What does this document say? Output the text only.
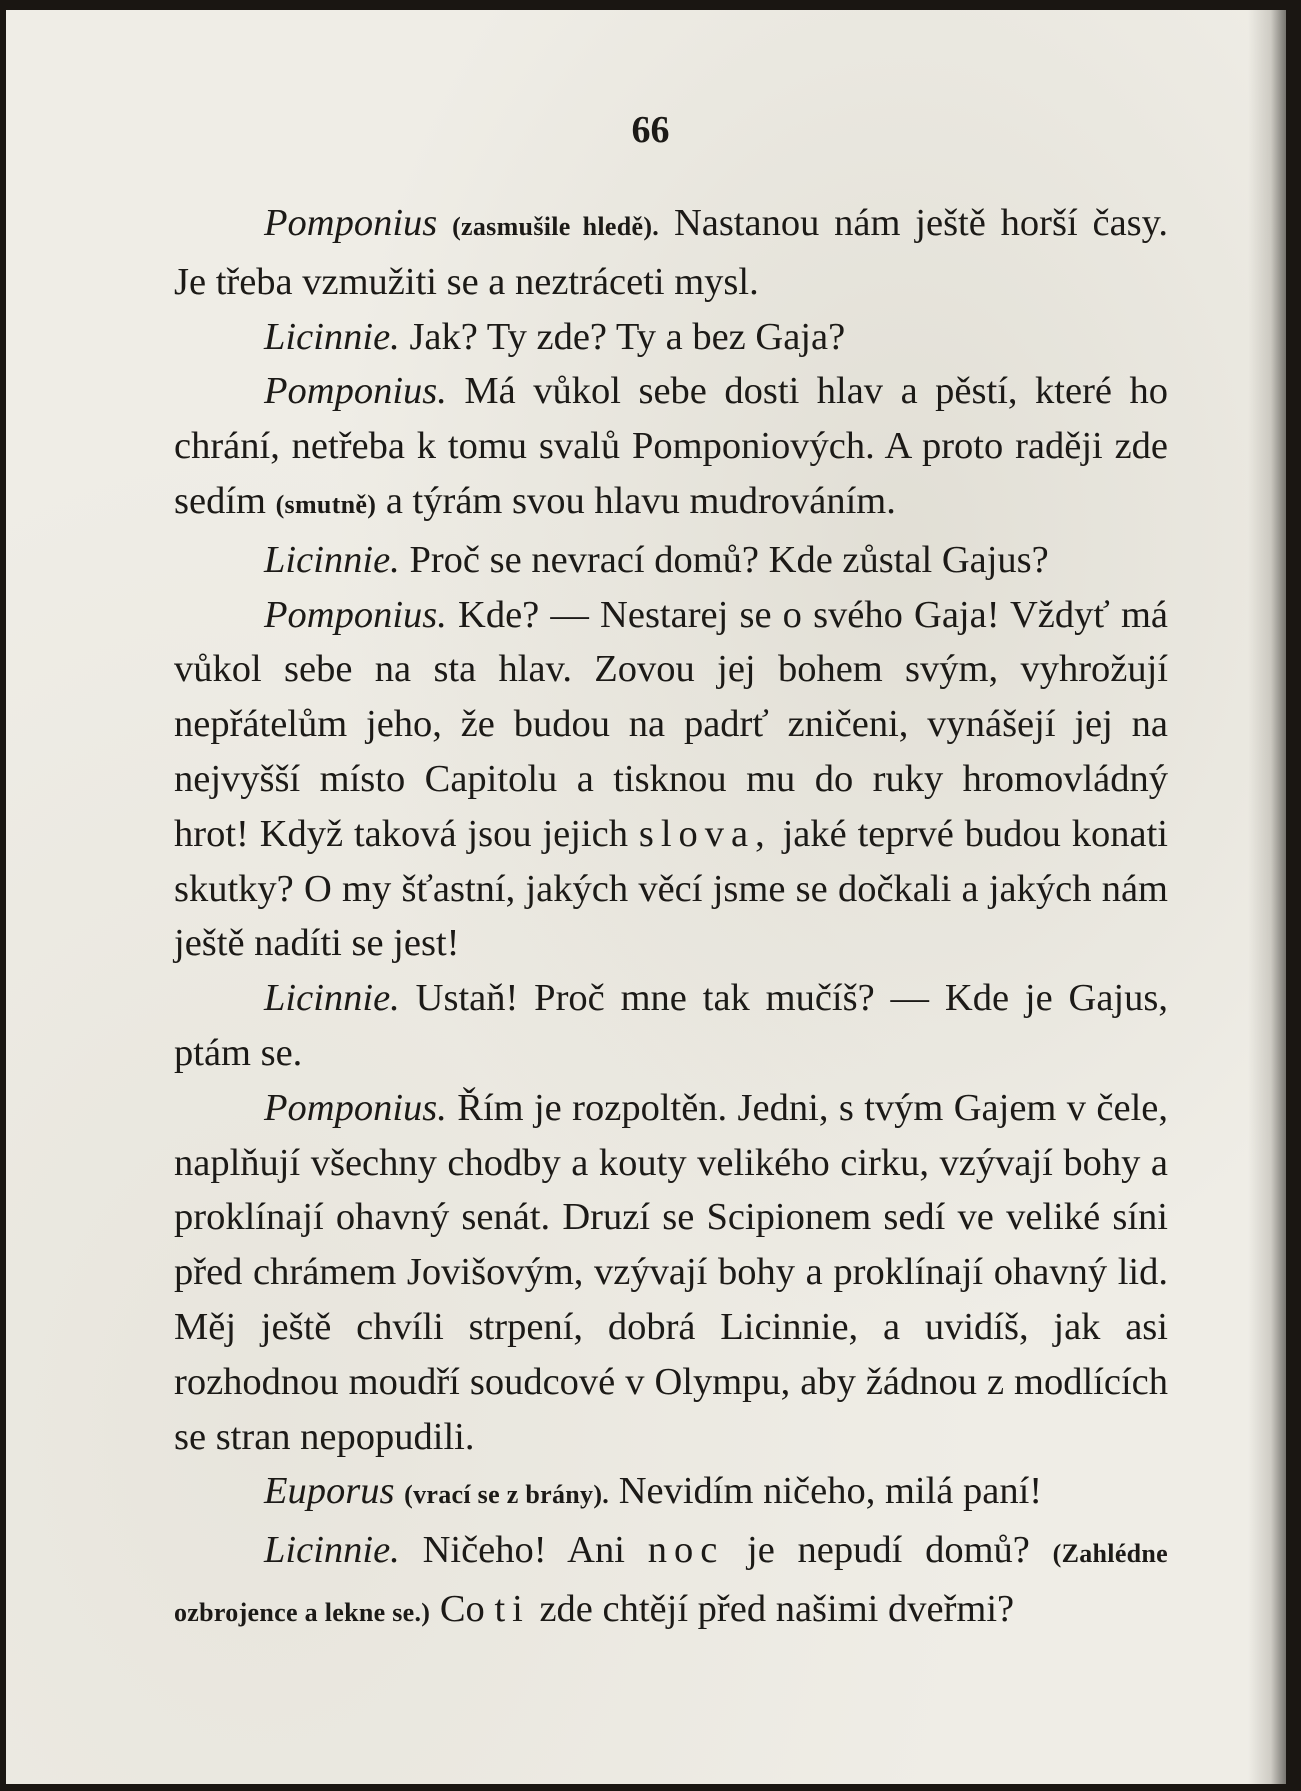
66

Pomponius (zasmušile hledě). Nastanou nám ještě horší časy. Je třeba vzmužiti se a neztráceti mysl.

Licinnie. Jak? Ty zde? Ty a bez Gaja?

Pomponius. Má vůkol sebe dosti hlav a pěstí, které ho chrání, netřeba k tomu svalů Pomponiových. A proto raději zde sedím (smutně) a týrám svou hlavu mudrováním.

Licinnie. Proč se nevrací domů? Kde zůstal Gajus?

Pomponius. Kde? — Nestarej se o svého Gaja! Vždyť má vůkol sebe na sta hlav. Zovou jej bohem svým, vyhrožují nepřátelům jeho, že budou na padrť zničeni, vynášejí jej na nejvyšší místo Capitolu a tisknou mu do ruky hromovládný hrot! Když taková jsou jejich slova, jaké teprvé budou konati skutky? O my šťastní, jakých věcí jsme se dočkali a jakých nám ještě nadíti se jest!

Licinnie. Ustaň! Proč mne tak mučíš? — Kde je Gajus, ptám se.

Pomponius. Řím je rozpoltěn. Jedni, s tvým Gajem v čele, naplňují všechny chodby a kouty velikého cirku, vzývají bohy a proklínají ohavný senát. Druzí se Scipionem sedí ve veliké síni před chrámem Jovišovým, vzývají bohy a proklínají ohavný lid. Měj ještě chvíli strpení, dobrá Licinnie, a uvidíš, jak asi rozhodnou moudří soudcové v Olympu, aby žádnou z modlících se stran nepopudili.

Euporus (vrací se z brány). Nevidím ničeho, milá paní!

Licinnie. Ničeho! Ani noc je nepudí domů? (Zahlédne ozbrojence a lekne se.) Co ti zde chtějí před našimi dveřmi?
